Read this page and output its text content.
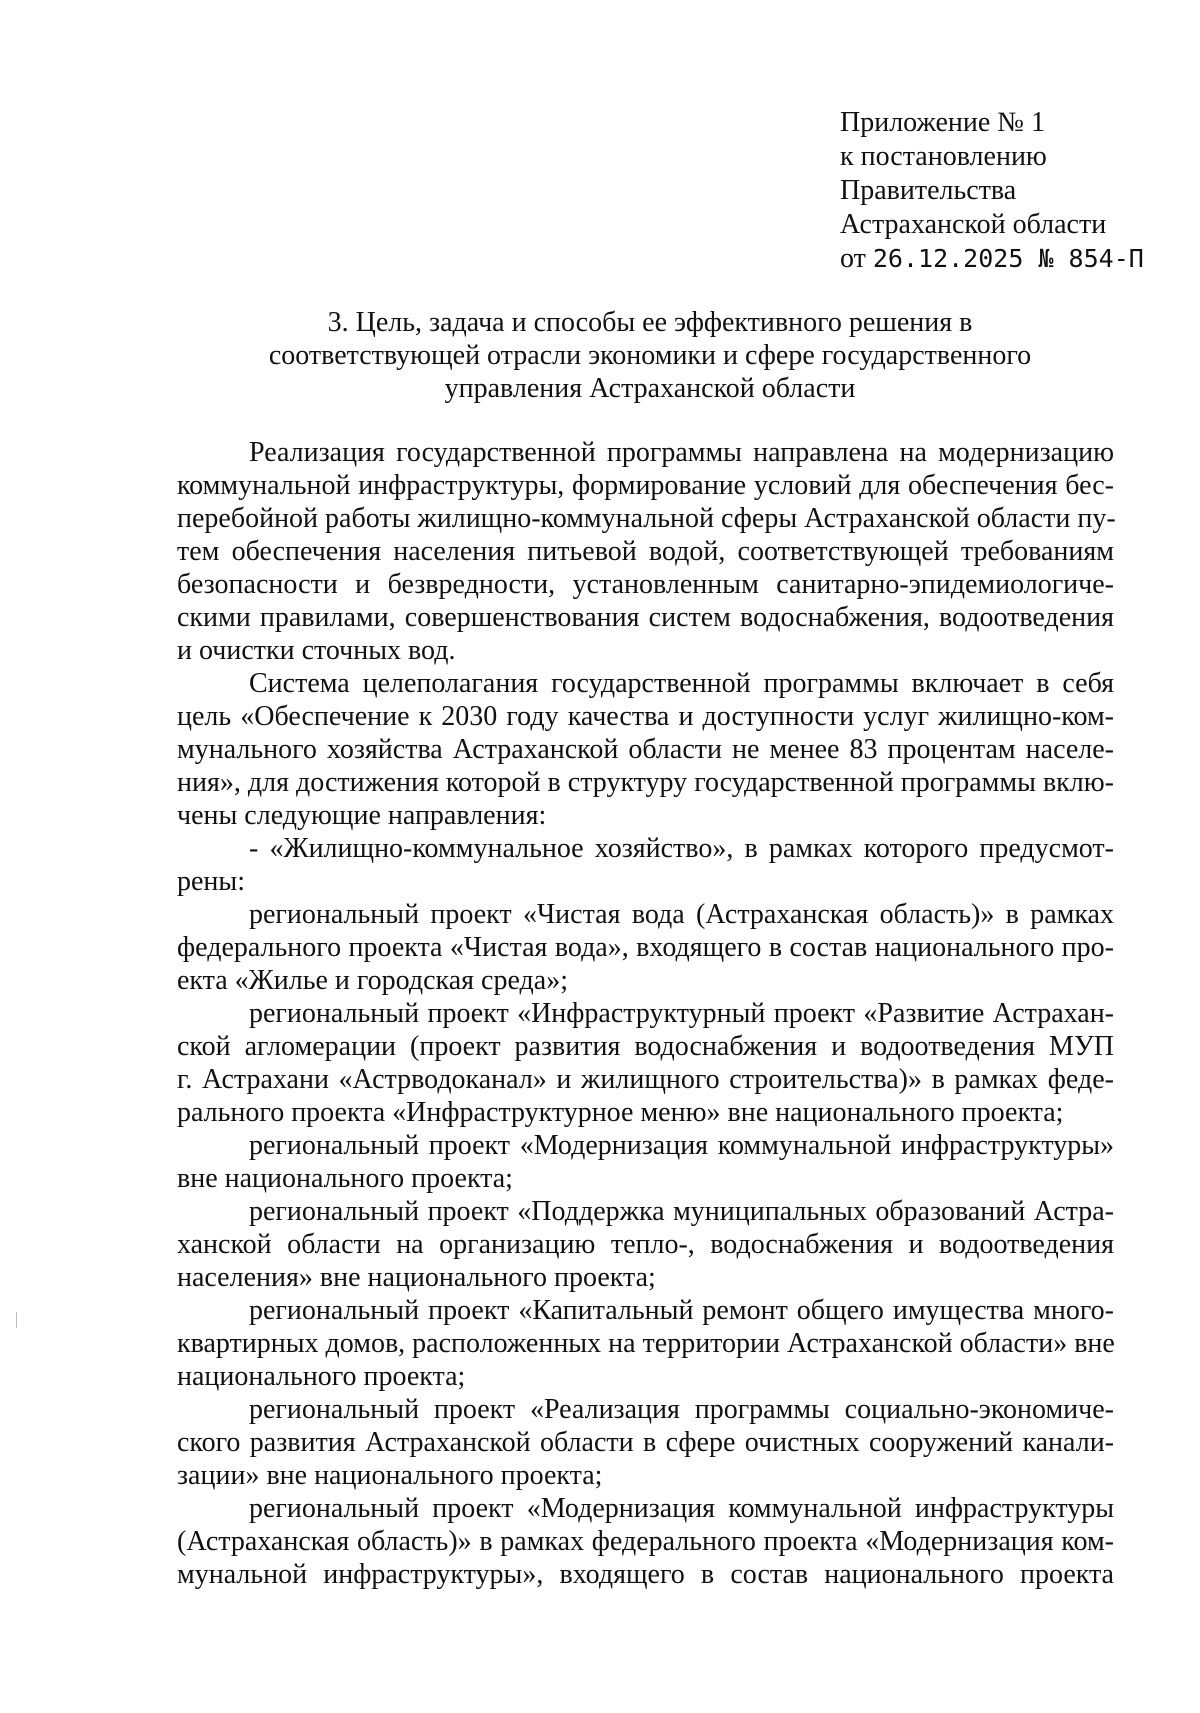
Приложение № 1
к постановлению
Правительства
Астраханской области
от 26.12.2025 № 854-П
3. Цель, задача и способы ее эффективного решения в
соответствующей отрасли экономики и сфере государственного
управления Астраханской области
Реализация государственной программы направлена на модернизацию
коммунальной инфраструктуры, формирование условий для обеспечения бес-
перебойной работы жилищно-коммунальной сферы Астраханской области пу-
тем обеспечения населения питьевой водой, соответствующей требованиям
безопасности и безвредности, установленным санитарно-эпидемиологиче-
скими правилами, совершенствования систем водоснабжения, водоотведения
и очистки сточных вод.
Система целеполагания государственной программы включает в себя
цель «Обеспечение к 2030 году качества и доступности услуг жилищно-ком-
мунального хозяйства Астраханской области не менее 83 процентам населе-
ния», для достижения которой в структуру государственной программы вклю-
чены следующие направления:
- «Жилищно-коммунальное хозяйство», в рамках которого предусмот-
рены:
региональный проект «Чистая вода (Астраханская область)» в рамках
федерального проекта «Чистая вода», входящего в состав национального про-
екта «Жилье и городская среда»;
региональный проект «Инфраструктурный проект «Развитие Астрахан-
ской агломерации (проект развития водоснабжения и водоотведения МУП
г. Астрахани «Астрводоканал» и жилищного строительства)» в рамках феде-
рального проекта «Инфраструктурное меню» вне национального проекта;
региональный проект «Модернизация коммунальной инфраструктуры»
вне национального проекта;
региональный проект «Поддержка муниципальных образований Астра-
ханской области на организацию тепло-, водоснабжения и водоотведения
населения» вне национального проекта;
региональный проект «Капитальный ремонт общего имущества много-
квартирных домов, расположенных на территории Астраханской области» вне
национального проекта;
региональный проект «Реализация программы социально-экономиче-
ского развития Астраханской области в сфере очистных сооружений канали-
зации» вне национального проекта;
региональный проект «Модернизация коммунальной инфраструктуры
(Астраханская область)» в рамках федерального проекта «Модернизация ком-
мунальной инфраструктуры», входящего в состав национального проекта
